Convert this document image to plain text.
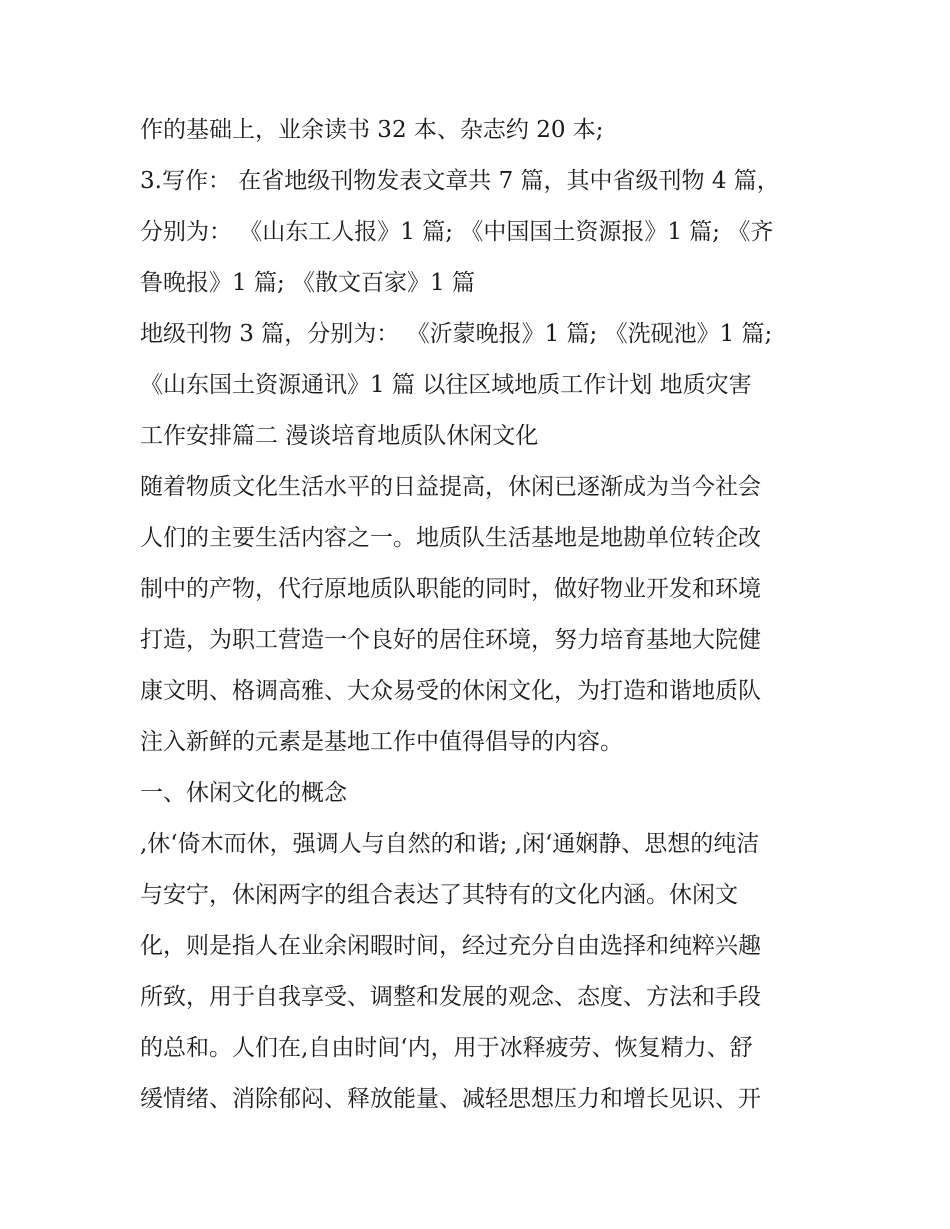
作的基础上，业余读书 32 本、杂志约 20 本;
3.写作： 在省地级刊物发表文章共 7 篇，其中省级刊物 4 篇，
分别为： 《山东工人报》1 篇; 《中国国土资源报》1 篇; 《齐
鲁晚报》1 篇; 《散文百家》1 篇
地级刊物 3 篇，分别为： 《沂蒙晚报》1 篇; 《洗砚池》1 篇;
《山东国土资源通讯》1 篇 以往区域地质工作计划 地质灾害
工作安排篇二 漫谈培育地质队休闲文化
随着物质文化生活水平的日益提高，休闲已逐渐成为当今社会
人们的主要生活内容之一。地质队生活基地是地勘单位转企改
制中的产物，代行原地质队职能的同时，做好物业开发和环境
打造，为职工营造一个良好的居住环境，努力培育基地大院健
康文明、格调高雅、大众易受的休闲文化，为打造和谐地质队
注入新鲜的元素是基地工作中值得倡导的内容。
一、休闲文化的概念
,休‘倚木而休，强调人与自然的和谐; ,闲‘通娴静、思想的纯洁
与安宁，休闲两字的组合表达了其特有的文化内涵。休闲文
化，则是指人在业余闲暇时间，经过充分自由选择和纯粹兴趣
所致，用于自我享受、调整和发展的观念、态度、方法和手段
的总和。人们在,自由时间‘内，用于冰释疲劳、恢复精力、舒
缓情绪、消除郁闷、释放能量、减轻思想压力和增长见识、开
